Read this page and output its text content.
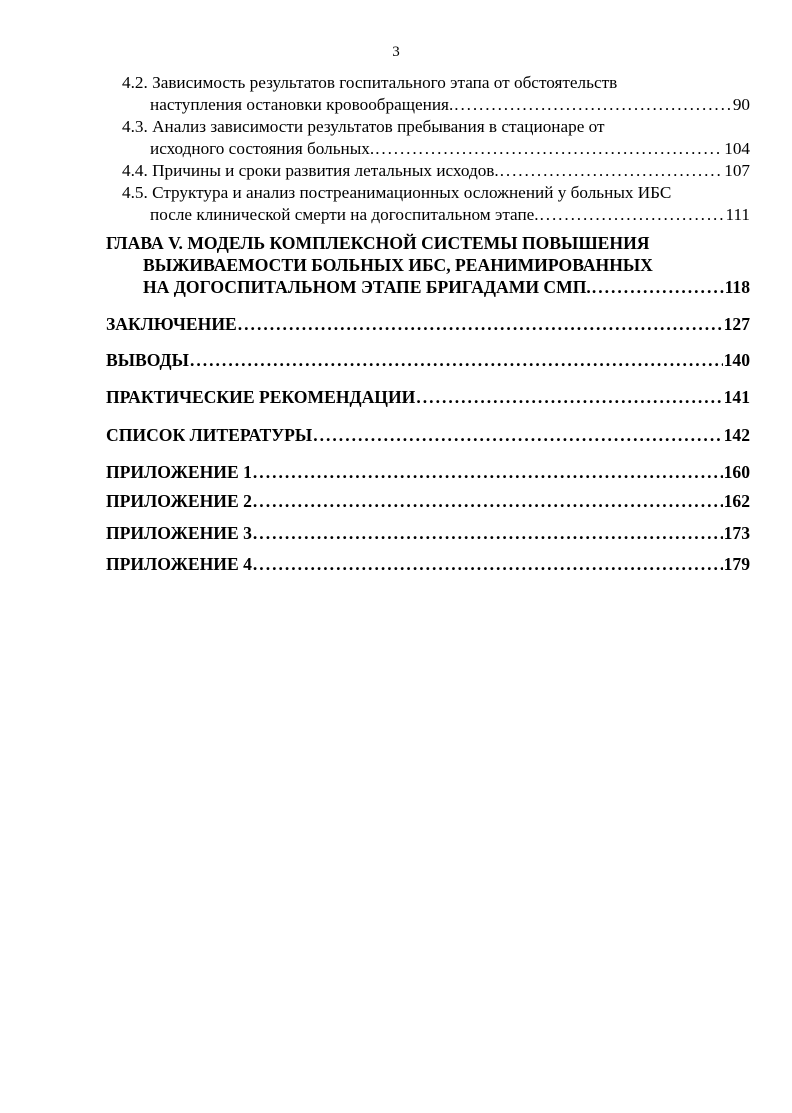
3
4.2. Зависимость результатов госпитального этапа от обстоятельств
наступления остановки кровообращения. . . .	90
4.3. Анализ зависимости результатов пребывания в стационаре от
исходного состояния больных. . . .	104
4.4. Причины и сроки развития летальных исходов. . . .	107
4.5. Структура и анализ постреанимационных осложнений у больных ИБС
после клинической смерти на догоспитальном этапе. . . .	111
ГЛАВА V. МОДЕЛЬ КОМПЛЕКСНОЙ СИСТЕМЫ ПОВЫШЕНИЯ
ВЫЖИВАЕМОСТИ БОЛЬНЫХ ИБС, РЕАНИМИРОВАННЫХ
НА ДОГОСПИТАЛЬНОМ ЭТАПЕ БРИГАДАМИ СМП. . . .	118
ЗАКЛЮЧЕНИЕ . . .	127
ВЫВОДЫ . . .	140
ПРАКТИЧЕСКИЕ РЕКОМЕНДАЦИИ . . .	141
СПИСОК ЛИТЕРАТУРЫ . . .	142
ПРИЛОЖЕНИЕ 1 . . .	160
ПРИЛОЖЕНИЕ 2 . . .	162
ПРИЛОЖЕНИЕ 3 . . .	173
ПРИЛОЖЕНИЕ 4 . . .	179
